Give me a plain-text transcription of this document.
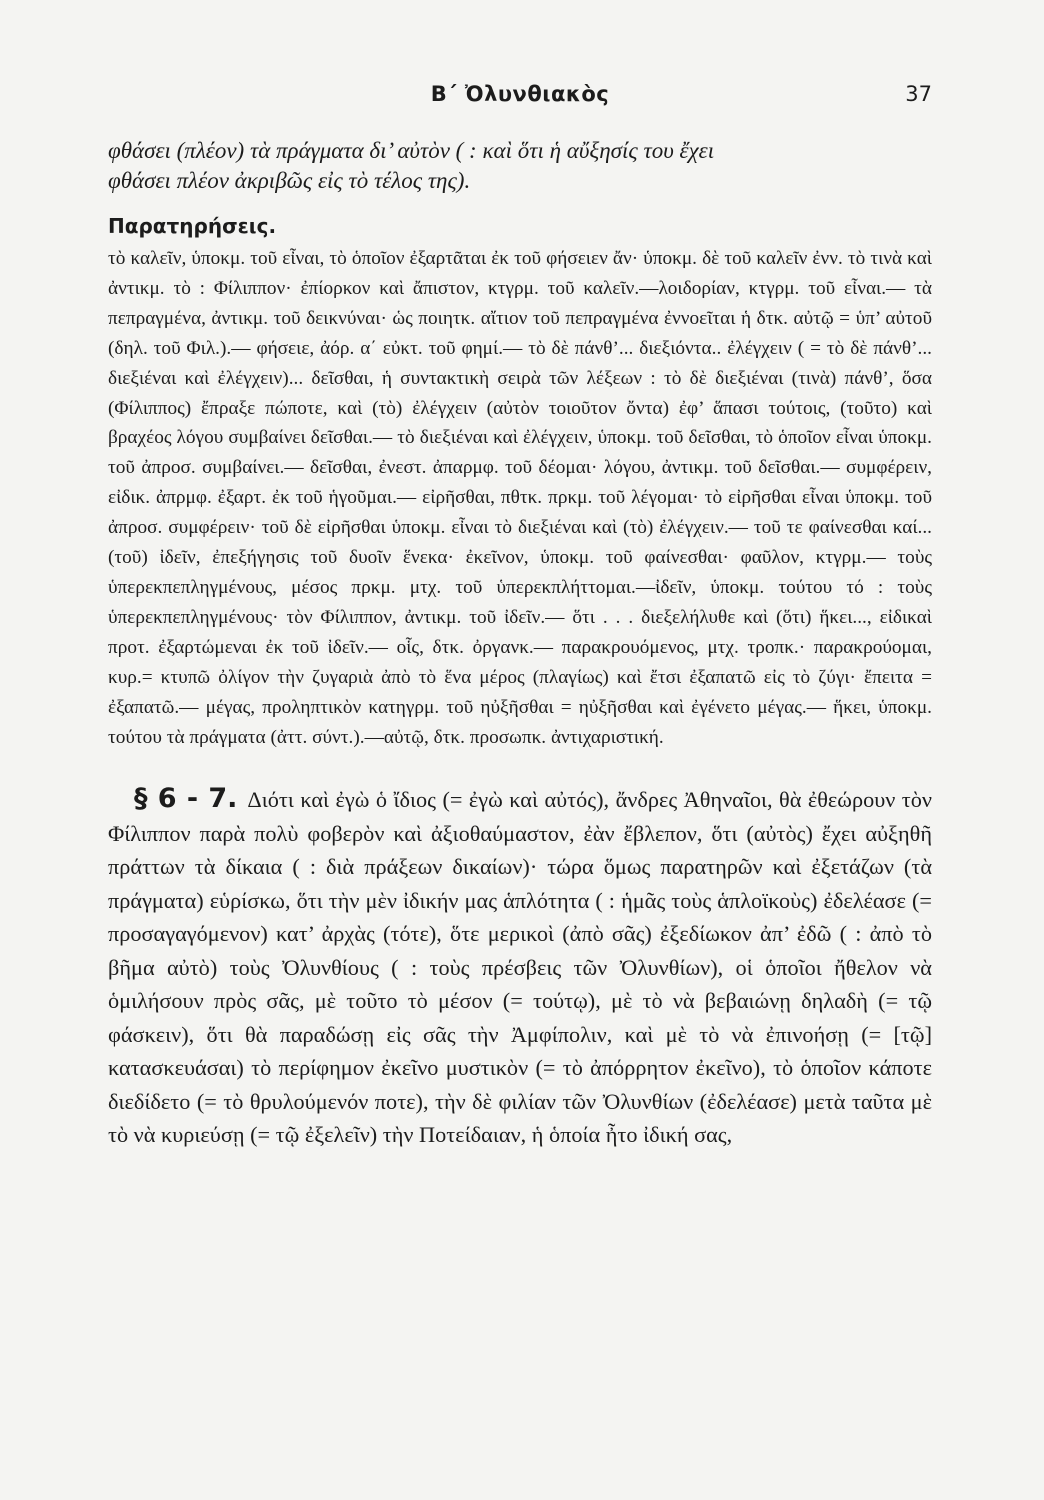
Β΄ Ὀλυνθιακὸς	37

φθάσει (πλέον) τὰ πράγματα δι’ αὐτὸν ( : καὶ ὅτι ἡ αὔξησίς του ἔχει

φθάσει πλέον ἀκριβῶς εἰς τὸ τέλος της).

Παρατηρήσεις.

τὸ καλεῖν, ὑποκμ. τοῦ εἶναι, τὸ ὁποῖον ἐξαρτᾶται ἐκ τοῦ φήσειεν ἄν· ὑποκμ. δὲ τοῦ καλεῖν ἐνν. τὸ τινὰ καὶ ἀντικμ. τὸ : Φίλιππον· ἐπίορκον καὶ ἄπιστον, κτγρμ. τοῦ καλεῖν.—λοιδορίαν, κτγρμ. τοῦ εἶναι.— τὰ πεπραγμένα, ἀντικμ. τοῦ δεικνύναι· ὡς ποιητκ. αἴτιον τοῦ πεπραγμένα ἐννοεῖται ἡ δτκ. αὐτῷ = ὑπ’ αὐτοῦ (δηλ. τοῦ Φιλ.).— φήσειε, ἀόρ. α΄ εὐκτ. τοῦ φημί.— τὸ δὲ πάνθ’... διεξιόντα.. ἐλέγχειν ( = τὸ δὲ πάνθ’... διεξιέναι καὶ ἐλέγχειν)... δεῖσθαι, ἡ συντακτικὴ σειρὰ τῶν λέξεων : τὸ δὲ διεξιέναι (τινὰ) πάνθ’, ὅσα (Φίλιππος) ἔπραξε πώποτε, καὶ (τὸ) ἐλέγχειν (αὐτὸν τοιοῦτον ὄντα) ἐφ’ ἅπασι τούτοις, (τοῦτο) καὶ βραχέος λόγου συμβαίνει δεῖσθαι.— τὸ διεξιέναι καὶ ἐλέγχειν, ὑποκμ. τοῦ δεῖσθαι, τὸ ὁποῖον εἶναι ὑποκμ. τοῦ ἀπροσ. συμβαίνει.— δεῖσθαι, ἐνεστ. ἀπαρμφ. τοῦ δέομαι· λόγου, ἀντικμ. τοῦ δεῖσθαι.— συμφέρειν, εἰδικ. ἀπρμφ. ἐξαρτ. ἐκ τοῦ ἡγοῦμαι.— εἰρῆσθαι, πθτκ. πρκμ. τοῦ λέγομαι· τὸ εἰρῆσθαι εἶναι ὑποκμ. τοῦ ἀπροσ. συμφέρειν· τοῦ δὲ εἰρῆσθαι ὑποκμ. εἶναι τὸ διεξιέναι καὶ (τὸ) ἐλέγχειν.— τοῦ τε φαίνεσθαι καί... (τοῦ) ἰδεῖν, ἐπεξήγησις τοῦ δυοῖν ἕνεκα· ἐκεῖνον, ὑποκμ. τοῦ φαίνεσθαι· φαῦλον, κτγρμ.— τοὺς ὑπερεκπεπληγμένους, μέσος πρκμ. μτχ. τοῦ ὑπερεκπλήττομαι.—ἰδεῖν, ὑποκμ. τούτου τό : τοὺς ὑπερεκπεπληγμένους· τὸν Φίλιππον, ἀντικμ. τοῦ ἰδεῖν.— ὅτι . . . διεξελήλυθε καὶ (ὅτι) ἥκει..., εἰδικαὶ προτ. ἐξαρτώμεναι ἐκ τοῦ ἰδεῖν.— οἷς, δτκ. ὀργανκ.— παρακρουόμενος, μτχ. τροπκ.· παρακρούομαι, κυρ.= κτυπῶ ὀλίγον τὴν ζυγαριὰ ἀπὸ τὸ ἕνα μέρος (πλαγίως) καὶ ἔτσι ἐξαπατῶ εἰς τὸ ζύγι· ἔπειτα = ἐξαπατῶ.— μέγας, προληπτικὸν κατηγρμ. τοῦ ηὐξῆσθαι = ηὐξῆσθαι καὶ ἐγένετο μέγας.— ἥκει, ὑποκμ. τούτου τὰ πράγματα (ἀττ. σύντ.).—αὐτῷ, δτκ. προσωπκ. ἀντιχαριστική.

§ 6 - 7. Διότι καὶ ἐγὼ ὁ ἴδιος (= ἐγὼ καὶ αὐτός), ἄνδρες Ἀθηναῖοι, θὰ ἐθεώρουν τὸν Φίλιππον παρὰ πολὺ φοβερὸν καὶ ἀξιοθαύμαστον, ἐὰν ἔβλεπον, ὅτι (αὐτὸς) ἔχει αὐξηθῆ πράττων τὰ δίκαια ( : διὰ πράξεων δικαίων)· τώρα ὅμως παρατηρῶν καὶ ἐξετάζων (τὰ πράγματα) εὑρίσκω, ὅτι τὴν μὲν ἰδικήν μας ἁπλότητα ( : ἡμᾶς τοὺς ἁπλοϊκοὺς) ἐδελέασε (= προσαγαγόμενον) κατ’ ἀρχὰς (τότε), ὅτε μερικοὶ (ἀπὸ σᾶς) ἐξεδίωκον ἀπ’ ἐδῶ ( : ἀπὸ τὸ βῆμα αὐτὸ) τοὺς Ὀλυνθίους ( : τοὺς πρέσβεις τῶν Ὀλυνθίων), οἱ ὁποῖοι ἤθελον νὰ ὁμιλήσουν πρὸς σᾶς, μὲ τοῦτο τὸ μέσον (= τούτῳ), μὲ τὸ νὰ βεβαιώνῃ δηλαδὴ (= τῷ φάσκειν), ὅτι θὰ παραδώσῃ εἰς σᾶς τὴν Ἀμφίπολιν, καὶ μὲ τὸ νὰ ἐπινοήσῃ (= [τῷ] κατασκευάσαι) τὸ περίφημον ἐκεῖνο μυστικὸν (= τὸ ἀπόρρητον ἐκεῖνο), τὸ ὁποῖον κάποτε διεδίδετο (= τὸ θρυλούμενόν ποτε), τὴν δὲ φιλίαν τῶν Ὀλυνθίων (ἐδελέασε) μετὰ ταῦτα μὲ τὸ νὰ κυριεύσῃ (= τῷ ἐξελεῖν) τὴν Ποτείδαιαν, ἡ ὁποία ἦτο ἰδική σας,
